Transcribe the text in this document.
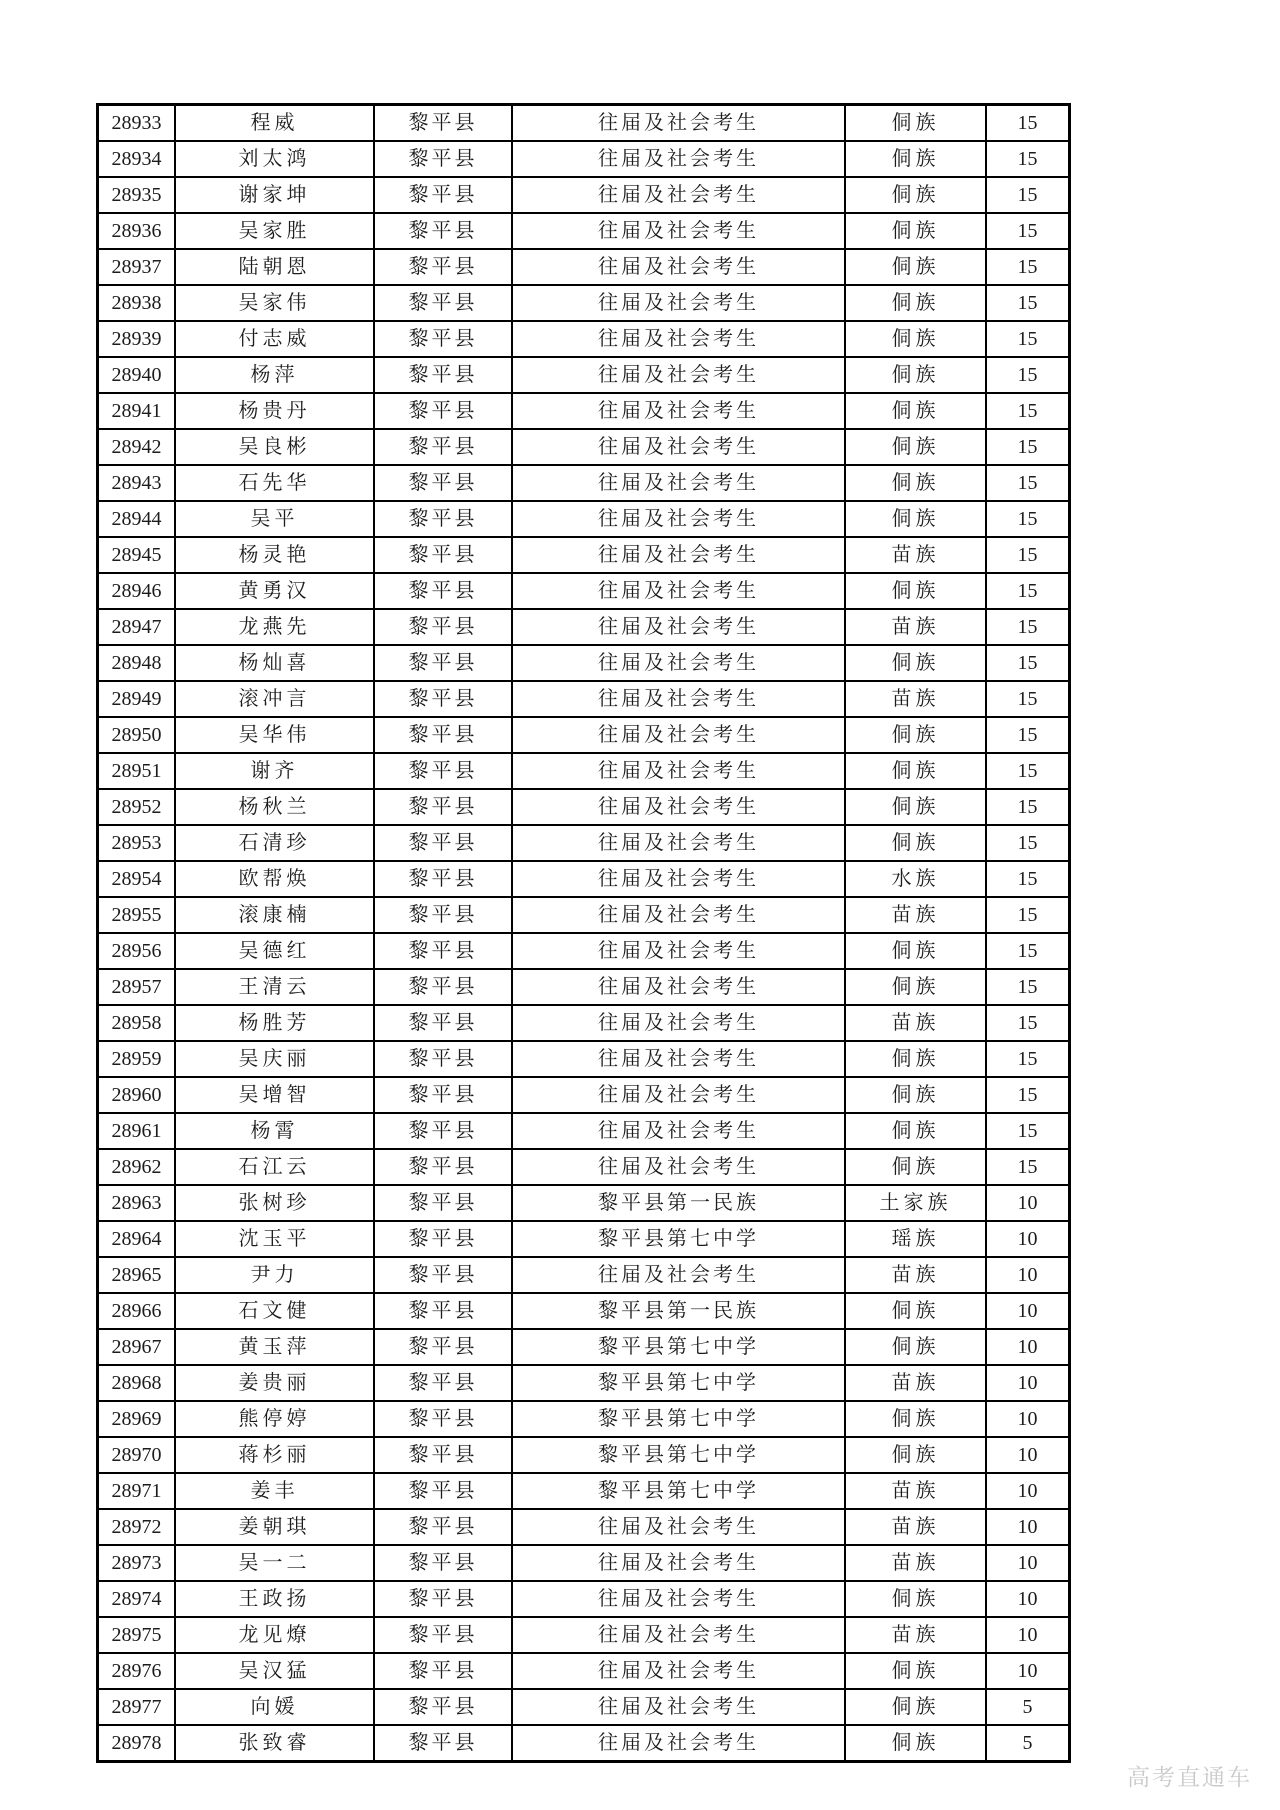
28933	程威	黎平县	往届及社会考生	侗族	15
28934	刘太鸿	黎平县	往届及社会考生	侗族	15
28935	谢家坤	黎平县	往届及社会考生	侗族	15
28936	吴家胜	黎平县	往届及社会考生	侗族	15
28937	陆朝恩	黎平县	往届及社会考生	侗族	15
28938	吴家伟	黎平县	往届及社会考生	侗族	15
28939	付志威	黎平县	往届及社会考生	侗族	15
28940	杨萍	黎平县	往届及社会考生	侗族	15
28941	杨贵丹	黎平县	往届及社会考生	侗族	15
28942	吴良彬	黎平县	往届及社会考生	侗族	15
28943	石先华	黎平县	往届及社会考生	侗族	15
28944	吴平	黎平县	往届及社会考生	侗族	15
28945	杨灵艳	黎平县	往届及社会考生	苗族	15
28946	黄勇汉	黎平县	往届及社会考生	侗族	15
28947	龙燕先	黎平县	往届及社会考生	苗族	15
28948	杨灿喜	黎平县	往届及社会考生	侗族	15
28949	滚冲言	黎平县	往届及社会考生	苗族	15
28950	吴华伟	黎平县	往届及社会考生	侗族	15
28951	谢齐	黎平县	往届及社会考生	侗族	15
28952	杨秋兰	黎平县	往届及社会考生	侗族	15
28953	石清珍	黎平县	往届及社会考生	侗族	15
28954	欧帮焕	黎平县	往届及社会考生	水族	15
28955	滚康楠	黎平县	往届及社会考生	苗族	15
28956	吴德红	黎平县	往届及社会考生	侗族	15
28957	王清云	黎平县	往届及社会考生	侗族	15
28958	杨胜芳	黎平县	往届及社会考生	苗族	15
28959	吴庆丽	黎平县	往届及社会考生	侗族	15
28960	吴增智	黎平县	往届及社会考生	侗族	15
28961	杨霄	黎平县	往届及社会考生	侗族	15
28962	石江云	黎平县	往届及社会考生	侗族	15
28963	张树珍	黎平县	黎平县第一民族	土家族	10
28964	沈玉平	黎平县	黎平县第七中学	瑶族	10
28965	尹力	黎平县	往届及社会考生	苗族	10
28966	石文健	黎平县	黎平县第一民族	侗族	10
28967	黄玉萍	黎平县	黎平县第七中学	侗族	10
28968	姜贵丽	黎平县	黎平县第七中学	苗族	10
28969	熊停婷	黎平县	黎平县第七中学	侗族	10
28970	蒋杉丽	黎平县	黎平县第七中学	侗族	10
28971	姜丰	黎平县	黎平县第七中学	苗族	10
28972	姜朝琪	黎平县	往届及社会考生	苗族	10
28973	吴一二	黎平县	往届及社会考生	苗族	10
28974	王政扬	黎平县	往届及社会考生	侗族	10
28975	龙见燎	黎平县	往届及社会考生	苗族	10
28976	吴汉猛	黎平县	往届及社会考生	侗族	10
28977	向媛	黎平县	往届及社会考生	侗族	5
28978	张致睿	黎平县	往届及社会考生	侗族	5
高考直通车
